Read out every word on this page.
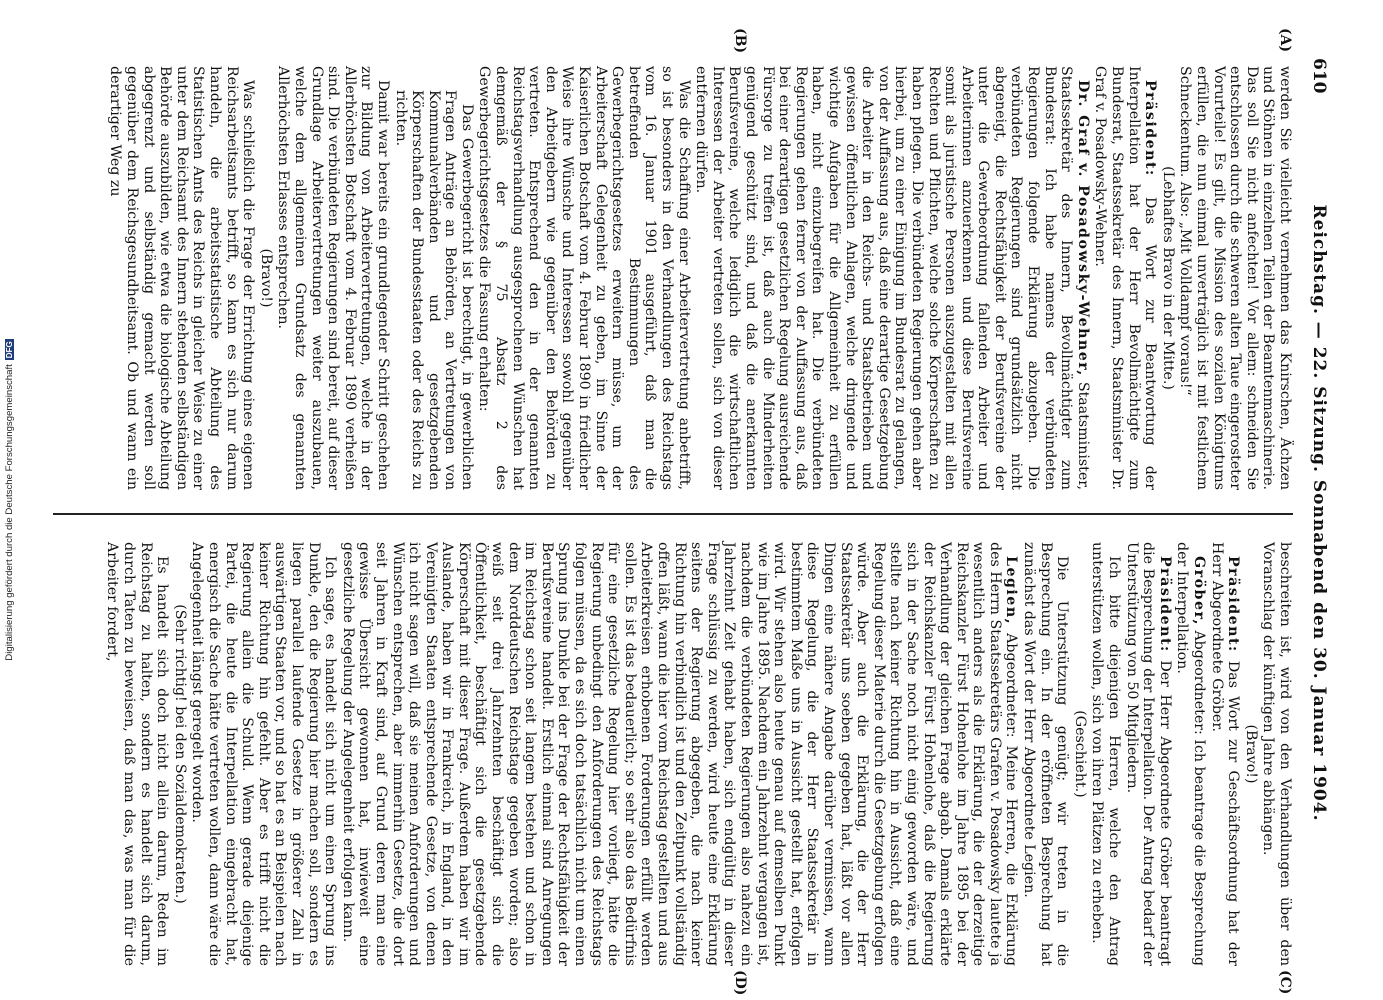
610
Reichstag. — 22. Sitzung. Sonnabend den 30. Januar 1904.
(A)
(B)
(C)
(D)

werden Sie vielleicht vernehmen das Knirschen, Ächzen und Stöhnen in einzelnen Teilen der Beamtenmaschinerie. Das soll Sie nicht anfechten! Vor allem: schneiden Sie entschlossen durch die schweren alten Taue eingerosteter Vorurteile! Es gilt, die Mission des sozialen Königtums erfüllen, die nun einmal unverträglich ist mit festlichem Schneckentum. Also: „Mit Volldampf voraus!“

(Lebhaftes Bravo in der Mitte.)

Präsident: Das Wort zur Beantwortung der Interpellation hat der Herr Bevollmächtigte zum Bundesrat, Staatssekretär des Innern, Staatsminister Dr. Graf v. Posadowsky-Wehner.

Dr. Graf v. Posadowsky-Wehner, Staatsminister, Staatssekretär des Innern, Bevollmächtigter zum Bundesrat: Ich habe namens der verbündeten Regierungen folgende Erklärung abzugeben. Die verbündeten Regierungen sind grundsätzlich nicht abgeneigt, die Rechtsfähigkeit der Berufsvereine der unter die Gewerbeordnung fallenden Arbeiter und Arbeiterinnen anzuerkennen und diese Berufsvereine somit als juristische Personen auszugestalten mit allen Rechten und Pflichten, welche solche Körperschaften zu haben pflegen. Die verbündeten Regierungen gehen aber hierbei, um zu einer Einigung im Bundesrat zu gelangen, von der Auffassung aus, daß eine derartige Gesetzgebung die Arbeiter in den Reichs- und Staatsbetrieben und gewissen öffentlichen Anlagen, welche dringende und wichtige Aufgaben für die Allgemeinheit zu erfüllen haben, nicht einzubegreifen hat. Die verbündeten Regierungen gehen ferner von der Auffassung aus, daß bei einer derartigen gesetzlichen Regelung ausreichende Fürsorge zu treffen ist, daß auch die Minderheiten genügend geschützt sind, und daß die anerkannten Berufsvereine, welche lediglich die wirtschaftlichen Interessen der Arbeiter vertreten sollen, sich von dieser entfernen dürfen.

Was die Schaffung einer Arbeitervertretung anbetrifft, so ist besonders in den Verhandlungen des Reichstags vom 16. Januar 1901 ausgeführt, daß man die betreffenden Bestimmungen des Gewerbegerichtsgesetzes erweitern müsse, um der Arbeiterschaft Gelegenheit zu geben, im Sinne der Kaiserlichen Botschaft vom 4. Februar 1890 in friedlicher Weise ihre Wünsche und Interessen sowohl gegenüber den Arbeitgebern wie gegenüber den Behörden zu vertreten. Entsprechend den in der genannten Reichstagsverhandlung ausgesprochenen Wünschen hat demgemäß der § 75 Absatz 2 des Gewerbegerichtsgesetzes die Fassung erhalten:

Das Gewerbegericht ist berechtigt, in gewerblichen Fragen Anträge an Behörden, an Vertretungen von Kommunalverbänden und gesetzgebenden Körperschaften der Bundesstaaten oder des Reichs zu richten.

Damit war bereits ein grundlegender Schritt geschehen zur Bildung von Arbeitervertretungen, welche in der Allerhöchsten Botschaft vom 4. Februar 1890 verheißen sind. Die verbündeten Regierungen sind bereit, auf dieser Grundlage Arbeitervertretungen weiter auszubauen, welche dem allgemeinen Grundsatz des genannten Allerhöchsten Erlasses entsprechen.

(Bravo!)

Was schließlich die Frage der Errichtung eines eigenen Reichsarbeitsamts betrifft, so kann es sich nur darum handeln, die arbeitsstatistische Abteilung des Statistischen Amts des Reichs in gleicher Weise zu einer unter dem Reichsamt des Innern stehenden selbständigen Behörde auszubilden, wie etwa die biologische Abteilung abgegrenzt und selbständig gemacht werden soll gegenüber dem Reichsgesundheitsamt. Ob und wann ein derartiger Weg zu

beschreiten ist, wird von den Verhandlungen über den Voranschlag der künftigen Jahre abhängen.

(Bravo!)

Präsident: Das Wort zur Geschäftsordnung hat der Herr Abgeordnete Gröber.

Gröber, Abgeordneter: Ich beantrage die Besprechung der Interpellation.

Präsident: Der Herr Abgeordnete Gröber beantragt die Besprechung der Interpellation. Der Antrag bedarf der Unterstützung von 50 Mitgliedern.

Ich bitte diejenigen Herren, welche den Antrag unterstützen wollen, sich von ihren Plätzen zu erheben.

(Geschieht.)

Die Unterstützung genügt; wir treten in die Besprechung ein. In der eröffneten Besprechung hat zunächst das Wort der Herr Abgeordnete Legien.

Legien, Abgeordneter: Meine Herren, die Erklärung des Herrn Staatssekretärs Grafen v. Posadowsky lautete ja wesentlich anders als die Erklärung, die der derzeitige Reichskanzler Fürst Hohenlohe im Jahre 1895 bei der Verhandlung der gleichen Frage abgab. Damals erklärte der Reichskanzler Fürst Hohenlohe, daß die Regierung sich in der Sache noch nicht einig geworden wäre, und stellte nach keiner Richtung hin in Aussicht, daß eine Regelung dieser Materie durch die Gesetzgebung erfolgen würde. Aber auch die Erklärung, die der Herr Staatssekretär uns soeben gegeben hat, läßt vor allen Dingen eine nähere Angabe darüber vermissen, wann diese Regelung, die der Herr Staatssekretär in bestimmtem Maße uns in Aussicht gestellt hat, erfolgen wird. Wir stehen also heute genau auf demselben Punkt wie im Jahre 1895. Nachdem ein Jahrzehnt vergangen ist, nachdem die verbündeten Regierungen also nahezu ein Jahrzehnt Zeit gehabt haben, sich endgültig in dieser Frage schlüssig zu werden, wird heute eine Erklärung seitens der Regierung abgegeben, die nach keiner Richtung hin verbindlich ist und den Zeitpunkt vollständig offen läßt, wann die hier vom Reichstag gestellten und aus Arbeiterkreisen erhobenen Forderungen erfüllt werden sollen. Es ist das bedauerlich; so sehr also das Bedürfnis für eine gesetzliche Regelung hier vorliegt, hätte die Regierung unbedingt den Anforderungen des Reichstags folgen müssen, da es sich doch tatsächlich nicht um einen Sprung ins Dunkle bei der Frage der Rechtsfähigkeit der Berufsvereine handelt. Erstlich einmal sind Anregungen im Reichstag schon seit langem bestehen und schon in dem Norddeutschen Reichstage gegeben worden; also weiß seit drei Jahrzehnten beschäftigt sich die Öffentlichkeit, beschäftigt sich die gesetzgebende Körperschaft mit dieser Frage. Außerdem haben wir im Auslande, haben wir in Frankreich, in England, in den Vereinigten Staaten entsprechende Gesetze, von denen ich nicht sagen will, daß sie meinen Anforderungen und Wünschen entsprechen, aber immerhin Gesetze, die dort seit Jahren in Kraft sind, auf Grund deren man eine gewisse Übersicht gewonnen hat, inwieweit eine gesetzliche Regelung der Angelegenheit erfolgen kann.

Ich sage, es handelt sich nicht um einen Sprung ins Dunkle, den die Regierung hier machen soll, sondern es liegen parallel laufende Gesetze in größerer Zahl in auswärtigen Staaten vor, und so hat es an Beispielen nach keiner Richtung hin gefehlt. Aber es trifft nicht die Regierung allein die Schuld. Wenn gerade diejenige Partei, die heute die Interpellation eingebracht hat, energisch die Sache hätte vertreten wollen, dann wäre die Angelegenheit längst geregelt worden.

(Sehr richtig! bei den Sozialdemokraten.)

Es handelt sich doch nicht allein darum, Reden im Reichstag zu halten, sondern es handelt sich darum, durch Taten zu beweisen, daß man das, was man für die Arbeiter fordert,

Digitalisierung gefördert durch die Deutsche ForschungsgemeinschaftDFG
